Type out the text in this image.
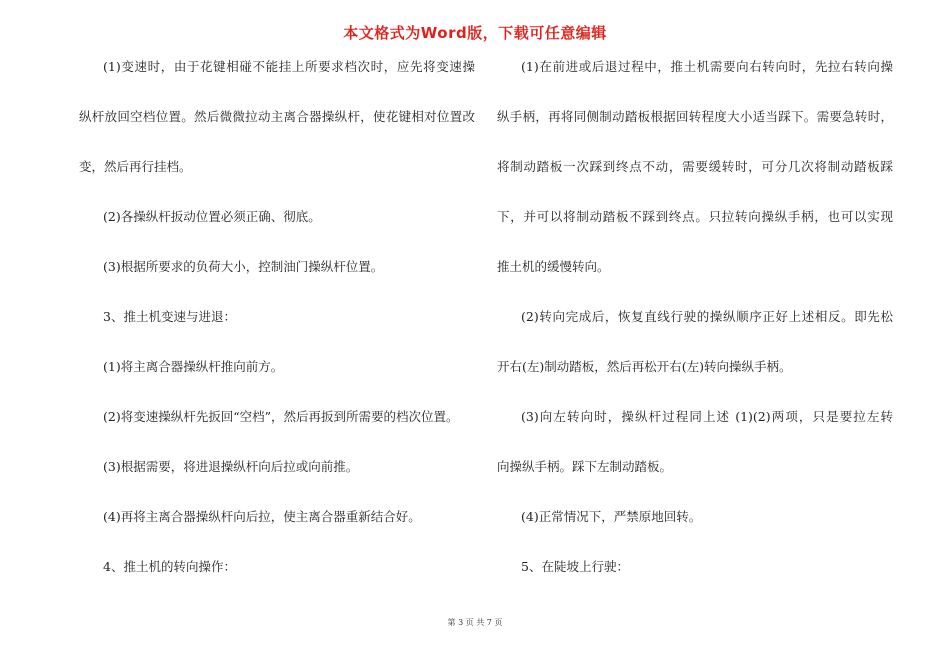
本文格式为Word版，下载可任意编辑
(1)变速时，由于花键相碰不能挂上所要求档次时，应先将变速操
纵杆放回空档位置。然后微微拉动主离合器操纵杆，使花键相对位置改
变，然后再行挂档。
(2)各操纵杆扳动位置必须正确、彻底。
(3)根据所要求的负荷大小，控制油门操纵杆位置。
3、推土机变速与进退：
(1)将主离合器操纵杆推向前方。
(2)将变速操纵杆先扳回“空档”，然后再扳到所需要的档次位置。
(3)根据需要，将进退操纵杆向后拉或向前推。
(4)再将主离合器操纵杆向后拉，使主离合器重新结合好。
4、推土机的转向操作：
(1)在前进或后退过程中，推土机需要向右转向时，先拉右转向操
纵手柄，再将同侧制动踏板根据回转程度大小适当踩下。需要急转时，
将制动踏板一次踩到终点不动，需要缓转时，可分几次将制动踏板踩
下，并可以将制动踏板不踩到终点。只拉转向操纵手柄，也可以实现
推土机的缓慢转向。
(2)转向完成后，恢复直线行驶的操纵顺序正好上述相反。即先松
开右(左)制动踏板，然后再松开右(左)转向操纵手柄。
(3)向左转向时，操纵杆过程同上述 (1)(2)两项，只是要拉左转
向操纵手柄。踩下左制动踏板。
(4)正常情况下，严禁原地回转。
5、在陡坡上行驶：
第 3 页 共 7 页
